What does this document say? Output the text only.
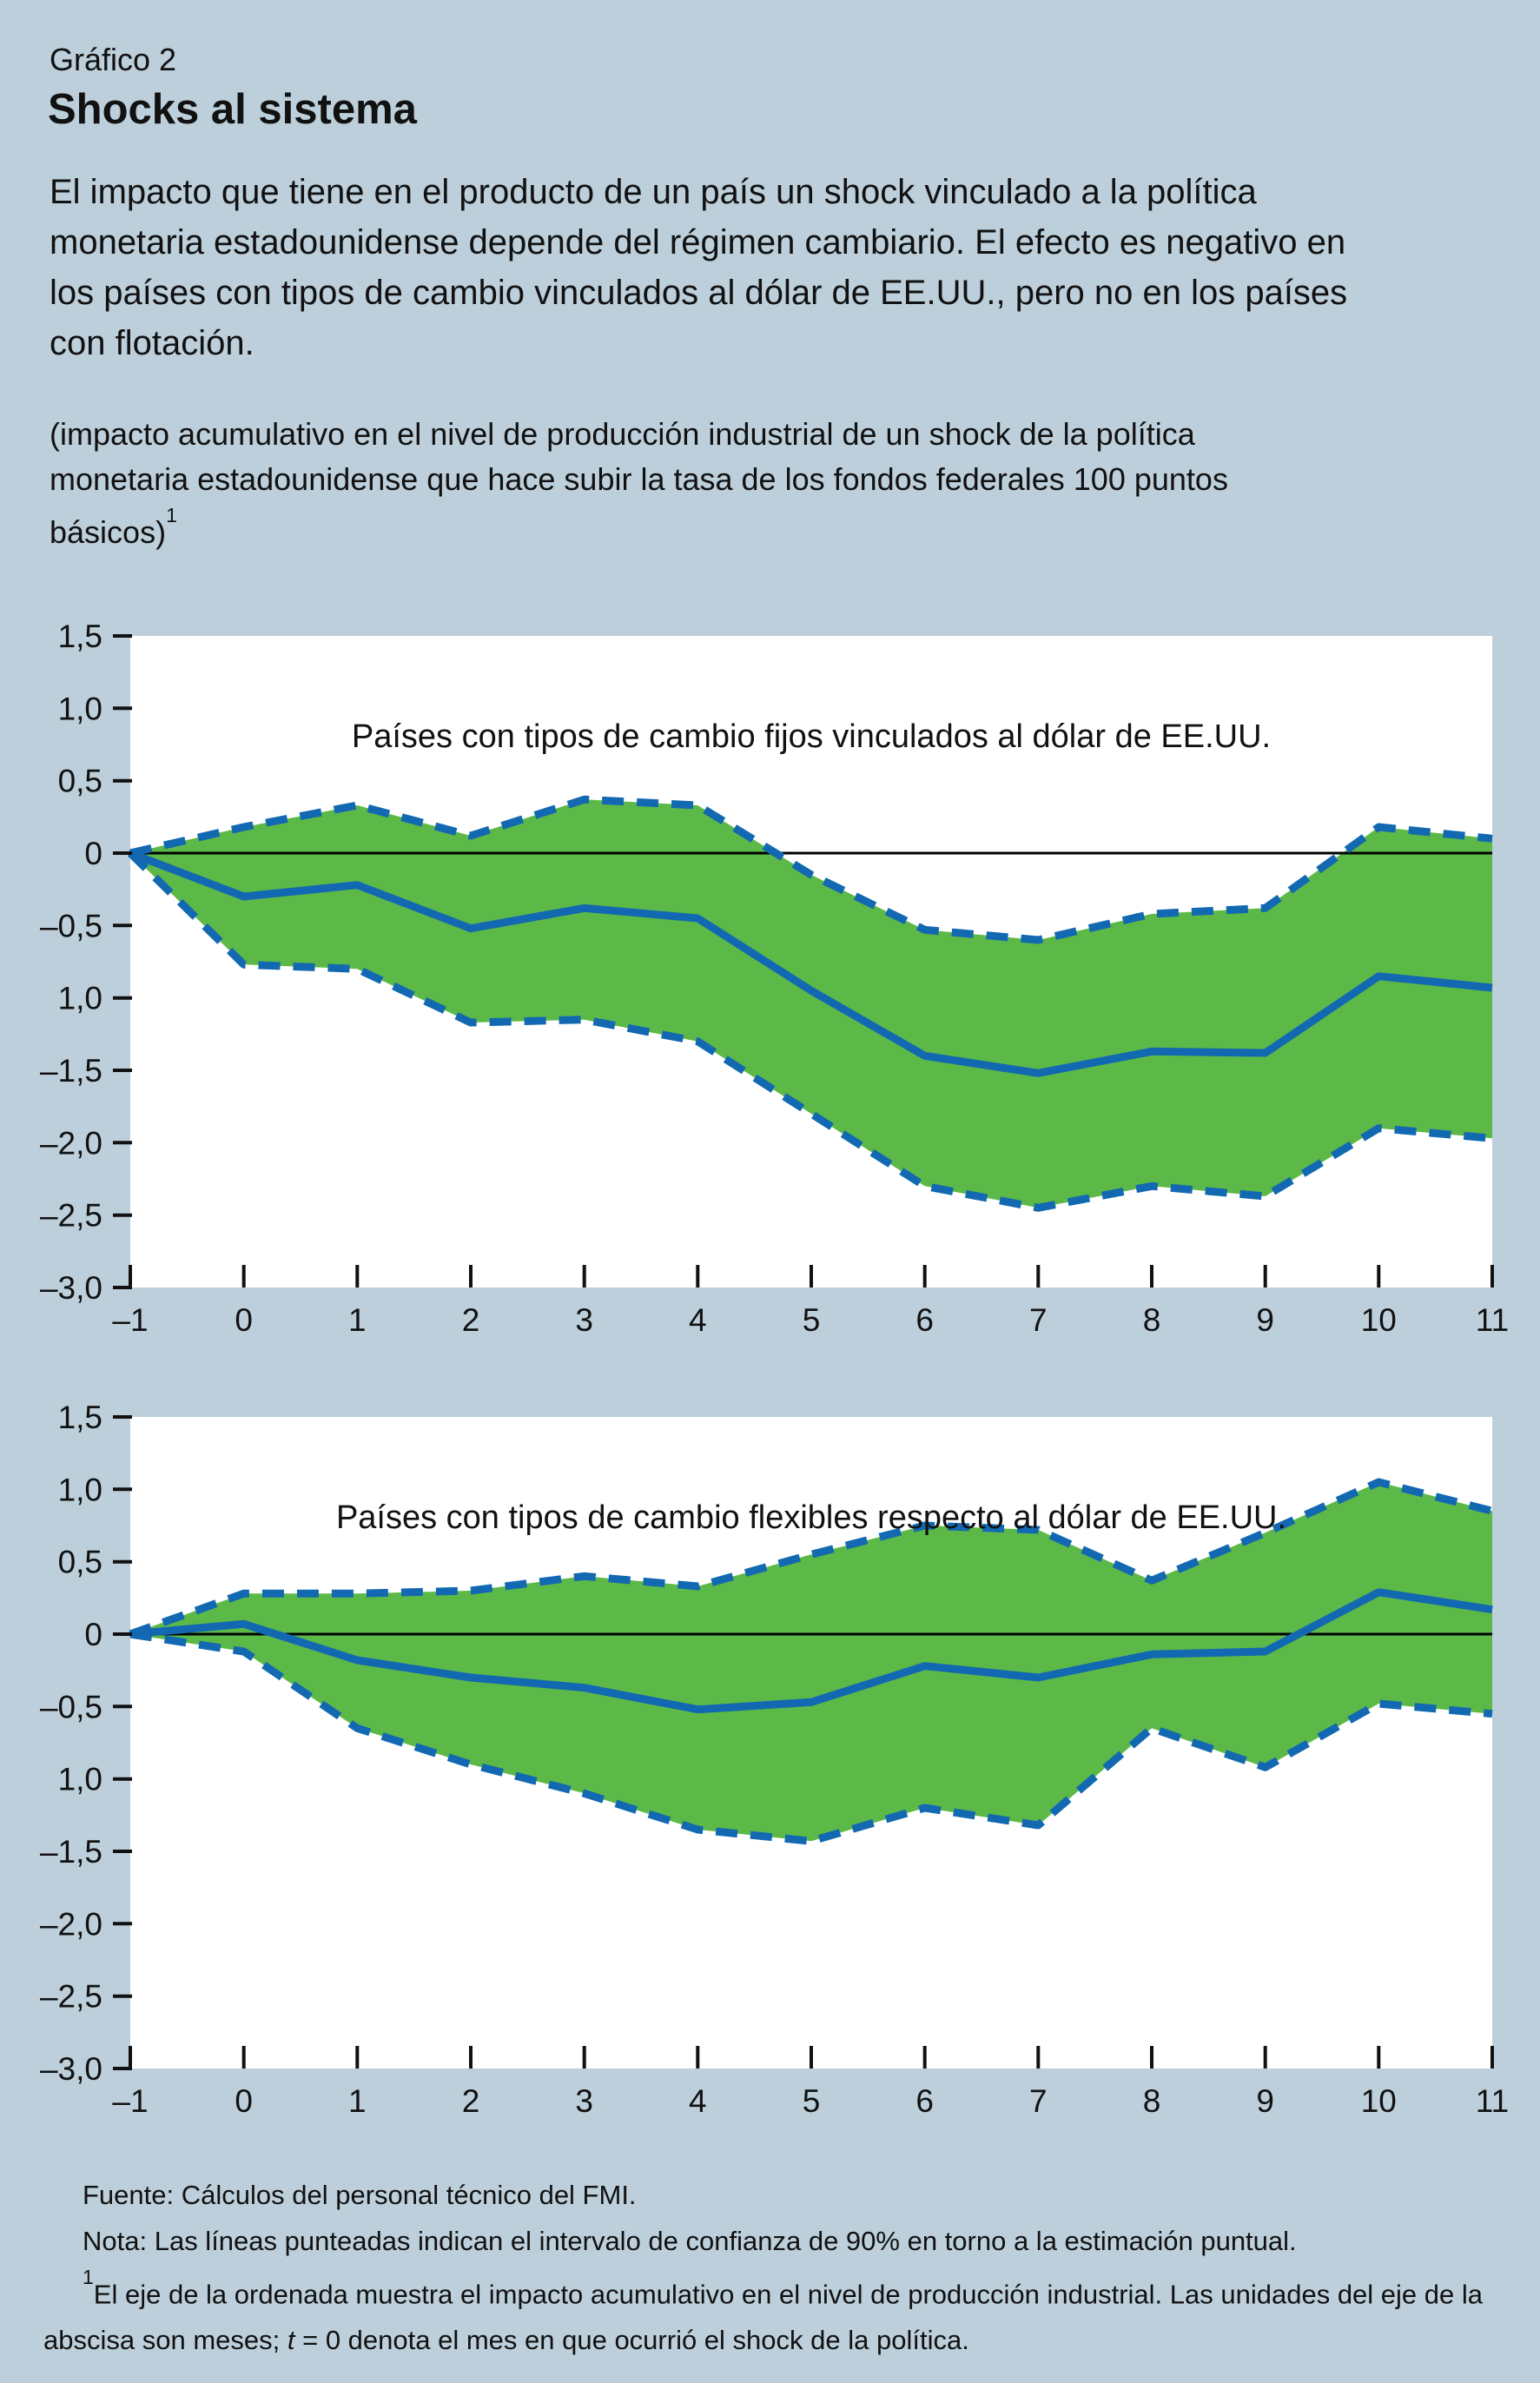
Gráfico 2
Shocks al sistema
El impacto que tiene en el producto de un país un shock vinculado a la política
monetaria estadounidense depende del régimen cambiario. El efecto es negativo en
los países con tipos de cambio vinculados al dólar de EE.UU., pero no en los países
con flotación.
(impacto acumulativo en el nivel de producción industrial de un shock de la política
monetaria estadounidense que hace subir la tasa de los fondos federales 100 puntos
básicos)$^1$
1,5
1,0
0,5
0
–0,5
1,0
–1,5
–2,0
–2,5
–3,0
–1	0	1	2	3	4	5	6	7	8	9	10 11
Países con tipos de cambio fijos vinculados al dólar de EE.UU.
1,5
1,0
0,5
0
–0,5
1,0
–1,5
–2,0
–2,5
–3,0
–1	0	1	2	3	4	5	6	7	8	9	10 11
Países con tipos de cambio flexibles respecto al dólar de EE.UU.

Fuente: Cálculos del personal técnico del FMI.

Nota: Las líneas punteadas indican el intervalo de confianza de 90% en torno a la estimación puntual.

$^1$El eje de la ordenada muestra el impacto acumulativo en el nivel de producción industrial. Las unidades del eje de la

abscisa son meses; t = 0 denota el mes en que ocurrió el shock de la política.
